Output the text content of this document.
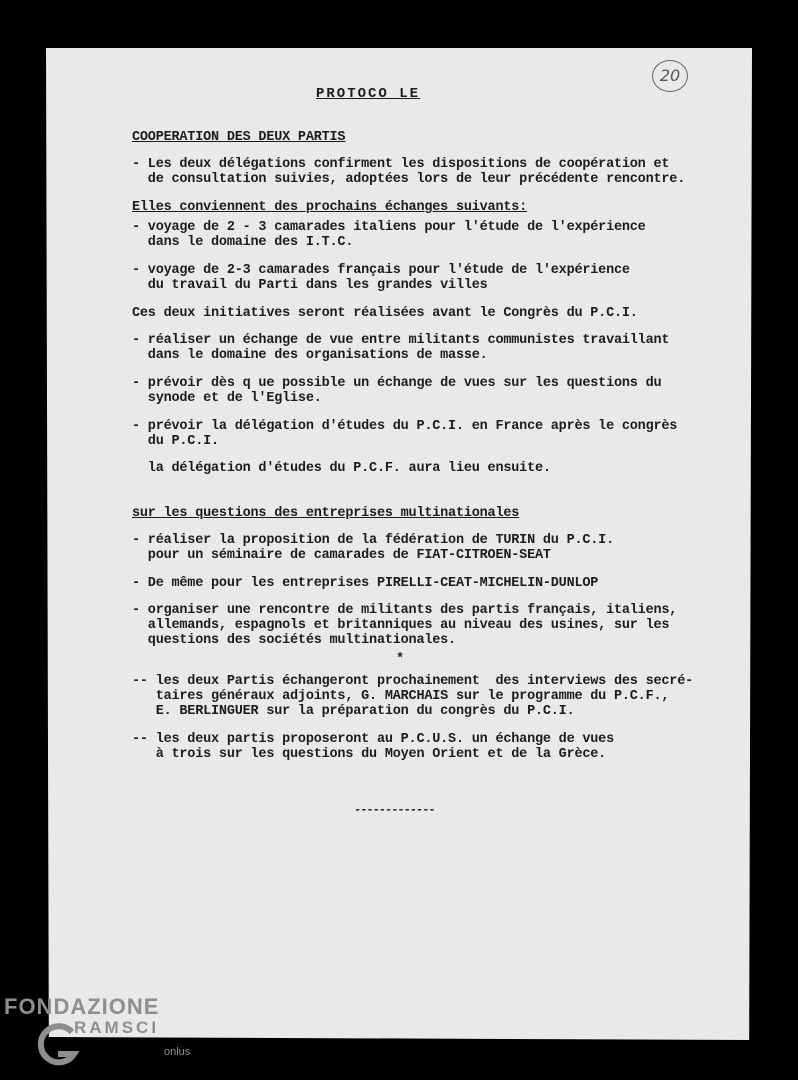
20
PROTOCO LE
COOPERATION DES DEUX PARTIS
- Les deux délégations confirment les dispositions de coopération et
de consultation suivies, adoptées lors de leur précédente rencontre.
Elles conviennent des prochains échanges suivants:
- voyage de 2 - 3 camarades italiens pour l'étude de l'expérience
dans le domaine des I.T.C.
- voyage de 2-3 camarades français pour l'étude de l'expérience
du travail du Parti dans les grandes villes
Ces deux initiatives seront réalisées avant le Congrès du P.C.I.
- réaliser un échange de vue entre militants communistes travaillant
dans le domaine des organisations de masse.
- prévoir dès q ue possible un échange de vues sur les questions du
synode et de l'Eglise.
- prévoir la délégation d'études du P.C.I. en France après le congrès
du P.C.I.
la délégation d'études du P.C.F. aura lieu ensuite.
sur les questions des entreprises multinationales
- réaliser la proposition de la fédération de TURIN du P.C.I.
pour un séminaire de camarades de FIAT-CITROEN-SEAT
- De même pour les entreprises PIRELLI-CEAT-MICHELIN-DUNLOP
- organiser une rencontre de militants des partis français, italiens,
allemands, espagnols et britanniques au niveau des usines, sur les
questions des sociétés multinationales.
*
-- les deux Partis échangeront prochainement  des interviews des secré-
taires généraux adjoints, G. MARCHAIS sur le programme du P.C.F.,
E. BERLINGUER sur la préparation du congrès du P.C.I.
-- les deux partis proposeront au P.C.U.S. un échange de vues
à trois sur les questions du Moyen Orient et de la Grèce.
-------------
FONDAZIONE
RAMSCI
onlus
